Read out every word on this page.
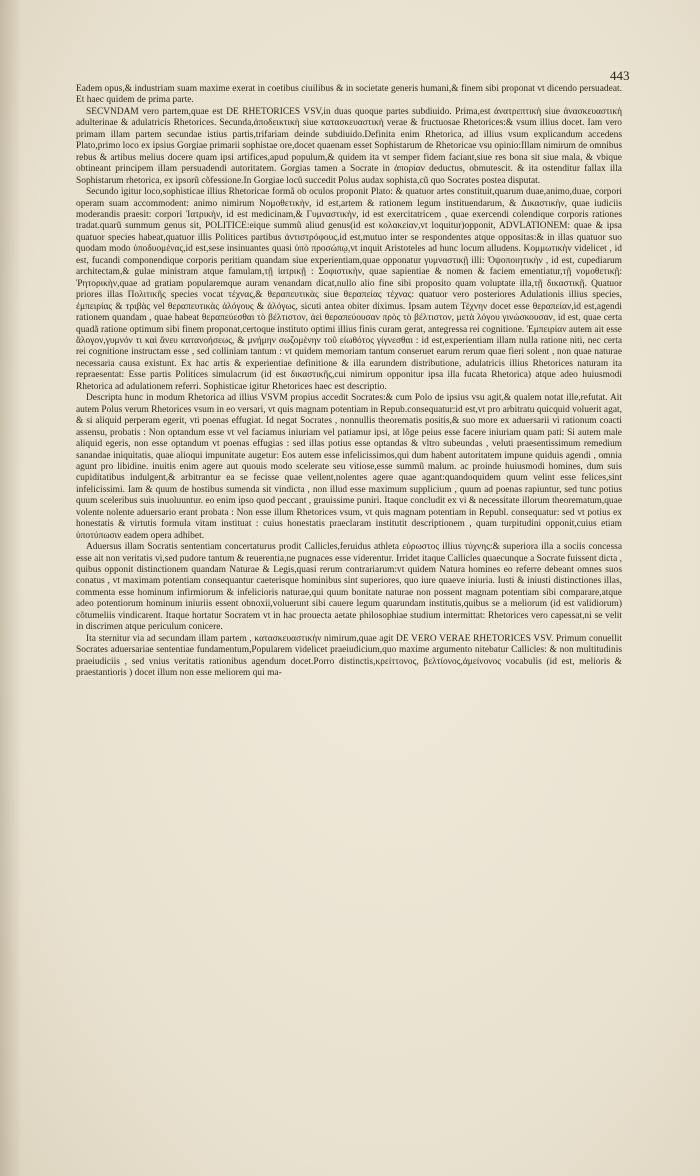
443

Eadem opus,& industriam suam maxime exerat in coetibus ciuilibus & in societate generis humani,& finem sibi proponat vt dicendo persuadeat. Et haec quidem de prima parte.

SECVNDAM vero partem,quae est DE RHETORICES VSV,in duas quoque partes subdiuido. Prima,est ἀνατρεπτικὴ siue ἀνασκευαστικὴ adulterinae & adulatricis Rhetorices. Secunda,ἀποδεικτικὴ siue κατασκευαστικὴ verae & fructuosae Rhetorices:& vsum illius docet. Iam vero primam illam partem secundae istius partis,trifariam deinde subdiuido.Definita enim Rhetorica, ad illius vsum explicandum accedens Plato,primo loco ex ipsius Gorgiae primarii sophistae ore,docet quaenam esset Sophistarum de Rhetoricae vsu opinio:Illam nimirum de omnibus rebus & artibus melius docere quam ipsi artifices,apud populum,& quidem ita vt semper fidem faciant,siue res bona sit siue mala, & vbique obtineant principem illam persuadendi autoritatem. Gorgias tamen a Socrate in ἀπορίαν deductus, obmutescit. & ita ostenditur fallax illa Sophistarum rhetorica, ex ipsorũ cõfessione.In Gorgiae locũ succedit Polus audax sophista,cũ quo Socrates postea disputat.

Secundo igitur loco,sophisticae illius Rhetoricae formã ob oculos proponit Plato: & quatuor artes constituit,quarum duae,animo,duae, corpori operam suam accommodent: animo nimirum Νομοθετικὴν, id est,artem & rationem legum instituendarum, & Δικαστικὴν, quae iudiciis moderandis praesit: corpori Ἰατρικὴν, id est medicinam,& Γυμναστικὴν, id est exercitatricem , quae exercendi colendique corporis rationes tradat.quarũ summum genus sit, POLITICE:eique summũ aliud genus(id est κολακείαν,vt loquitur)opponit, ADVLATIONEM: quae & ipsa quatuor species habeat,quatuor illis Politices partibus ἀντιστρόφους,id est,mutuo inter se respondentes atque oppositas:& in illas quatuor suo quodam modo ὑποδυομένας,id est,sese insinuantes quasi ὑπὸ προσώπῳ,vt inquit Aristoteles ad hunc locum alludens. Κομμωτικὴν videlicet , id est, fucandi componendique corporis peritiam quandam siue experientiam,quae opponatur γυμναστικῇ illi: Ὀψοποιητικὴν , id est, cupediarum architectam,& gulae ministram atque famulam,τῇ ἰατρικῇ : Σοφιστικὴν, quae sapientiae & nomen & faciem ementiatur,τῇ νομοθετικῇ: Ῥητορικὴν,quae ad gratiam popularemque auram venandam dicat,nullo alio fine sibi proposito quam voluptate illa,τῇ δικαστικῇ. Quatuor priores illas Πολιτικῆς species vocat τέχνας,& θεραπευτικὰς siue θεραπείας τέχνας: quatuor vero posteriores Adulationis illius species, ἐμπειρίας & τριβὰς vel θεραπευτικὰς ἀλόγους & ἀλόγως, sicuti antea obiter diximus. Ipsam autem Τέχνην docet esse θεραπείαν,id est,agendi rationem quandam , quae habeat θεραπεύεσθαι τὸ βέλτιστον, ἀεὶ θεραπεύουσαν πρὸς τὸ βέλτιστον, μετὰ λόγου γινώσκουσαν, id est, quae certa quadã ratione optimum sibi finem proponat,certoque instituto optimi illius finis curam gerat, antegressa rei cognitione. Ἐμπειρίαν autem ait esse ἄλογον,γυμνόν τι καὶ ἄνευ κατανοήσεως, & μνήμην σωζομένην τοῦ εἰωθότος γίγνεσθαι : id est,experientiam illam nulla ratione niti, nec certa rei cognitione instructam esse , sed colliniam tantum : vt quidem memoriam tantum conseruet earum rerum quae fieri solent , non quae naturae necessaria causa existunt. Ex hac artis & experientiae definitione & illa earundem distributione, adulatricis illius Rhetorices naturam ita repraesentat: Esse partis Politices simulacrum (id est δικαστικῆς,cui nimirum opponitur ipsa illa fucata Rhetorica) atque adeo huiusmodi Rhetorica ad adulationem referri. Sophisticae igitur Rhetorices haec est descriptio.

Descripta hunc in modum Rhetorica ad illius VSVM propius accedit Socrates:& cum Polo de ipsius vsu agit,& qualem notat ille,refutat. Ait autem Polus verum Rhetorices vsum in eo versari, vt quis magnam potentiam in Repub.consequatur:id est,vt pro arbitratu quicquid voluerit agat, & si aliquid perperam egerit, vti poenas effugiat. Id negat Socrates , nonnullis theorematis positis,& suo more ex aduersarii vi rationum coacti assensu, probatis : Non optandum esse vt vel faciamus iniuriam vel patiamur ipsi, at lõge peius esse facere iniuriam quam pati: Si autem male aliquid egeris, non esse optandum vt poenas effugias : sed illas potius esse optandas & vltro subeundas , veluti praesentissimum remedium sanandae iniquitatis, quae alioqui impunitate augetur: Eos autem esse infelicissimos,qui dum habent autoritatem impune quiduis agendi , omnia agunt pro libidine. inuitis enim agere aut quouis modo scelerate seu vitiose,esse summũ malum. ac proinde huiusmodi homines, dum suis cupiditatibus indulgent,& arbitrantur ea se fecisse quae vellent,nolentes agere quae agant:quandoquidem quum velint esse felices,sint infelicissimi. Iam & quum de hostibus sumenda sit vindicta , non illud esse maximum supplicium , quum ad poenas rapiuntur, sed tunc potius quum sceleribus suis inuoluuntur. eo enim ipso quod peccant , grauissime puniri. Itaque concludit ex vi & necessitate illorum theorematum,quae volente nolente aduersario erant probata : Non esse illum Rhetorices vsum, vt quis magnam potentiam in Republ. consequatur: sed vt potius ex honestatis & virtutis formula vitam instituat : cuius honestatis praeclaram institutit descriptionem , quam turpitudini opponit,cuius etiam ὑποτύπωσιν eadem opera adhibet.

Aduersus illam Socratis sententiam concertaturus prodit Callicles,feruidus athleta εὐρωστος illius τύχνης:& superiora illa a sociis concessa esse ait non veritatis vi,sed pudore tantum & reuerentia,ne pugnaces esse viderentur. Irridet itaque Callicles quaecunque a Socrate fuissent dicta , quibus opponit distinctionem quandam Naturae & Legis,quasi rerum contrariarum:vt quidem Natura homines eo referre debeant omnes suos conatus , vt maximam potentiam consequantur caeterisque hominibus sint superiores, quo iure quaeve iniuria. Iusti & iniusti distinctiones illas, commenta esse hominum infirmiorum & infelicioris naturae,qui quum bonitate naturae non possent magnam potentiam sibi comparare,atque adeo potentiorum hominum iniuriis essent obnoxii,voluerunt sibi cauere legum quarundam institutis,quibus se a meliorum (id est validiorum) cõtumeliis vindicarent. Itaque hortatur Socratem vt in hac prouecta aetate philosophiae studium intermittat: Rhetorices vero capessat,ni se velit in discrimen atque periculum conicere.

Ita sternitur via ad secundam illam partem , κατασκευαστικὴν nimirum,quae agit DE VERO VERAE RHETORICES VSV. Primum conuellit Socrates aduersariae sententiae fundamentum,Popularem videlicet praeiudicium,quo maxime argumento nitebatur Callicles: & non multitudinis praeiudiciis , sed vnius veritatis rationibus agendum docet.Porro distinctis,κρείττονος, βελτίονος,ἀμείνονος vocabulis (id est, melioris & praestantioris ) docet illum non esse meliorem qui ma-
